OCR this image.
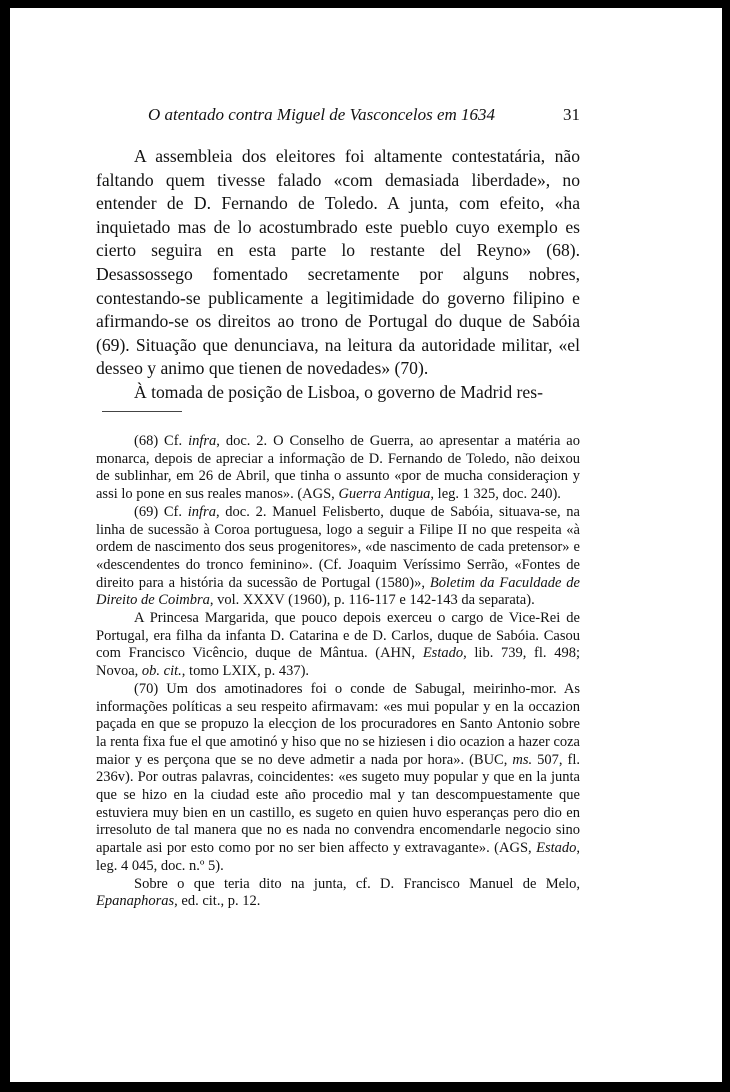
O atentado contra Miguel de Vasconcelos em 1634	31

A assembleia dos eleitores foi altamente contestatária, não faltando quem tivesse falado «com demasiada liberdade», no entender de D. Fernando de Toledo. A junta, com efeito, «ha inquietado mas de lo acostumbrado este pueblo cuyo exemplo es cierto seguira en esta parte lo restante del Reyno» (68). Desassossego fomentado secretamente por alguns nobres, contestando-se publicamente a legitimidade do governo filipino e afirmando-se os direitos ao trono de Portugal do duque de Sabóia (69). Situação que denunciava, na leitura da autoridade militar, «el desseo y animo que tienen de novedades» (70).

À tomada de posição de Lisboa, o governo de Madrid res-

(68) Cf. infra, doc. 2. O Conselho de Guerra, ao apresentar a matéria ao monarca, depois de apreciar a informação de D. Fernando de Toledo, não deixou de sublinhar, em 26 de Abril, que tinha o assunto «por de mucha consideraçion y assi lo pone en sus reales manos». (AGS, Guerra Antigua, leg. 1 325, doc. 240).

(69) Cf. infra, doc. 2. Manuel Felisberto, duque de Sabóia, situava-se, na linha de sucessão à Coroa portuguesa, logo a seguir a Filipe II no que respeita «à ordem de nascimento dos seus progenitores», «de nascimento de cada pretensor» e «descendentes do tronco feminino». (Cf. Joaquim Veríssimo Serrão, «Fontes de direito para a história da sucessão de Portugal (1580)», Boletim da Faculdade de Direito de Coimbra, vol. XXXV (1960), p. 116-117 e 142-143 da separata).

A Princesa Margarida, que pouco depois exerceu o cargo de Vice-Rei de Portugal, era filha da infanta D. Catarina e de D. Carlos, duque de Sabóia. Casou com Francisco Vicêncio, duque de Mântua. (AHN, Estado, lib. 739, fl. 498; Novoa, ob. cit., tomo LXIX, p. 437).

(70) Um dos amotinadores foi o conde de Sabugal, meirinho-mor. As informações políticas a seu respeito afirmavam: «es mui popular y en la occazion paçada en que se propuzo la elecçion de los procuradores en Santo Antonio sobre la renta fixa fue el que amotinó y hiso que no se hiziesen i dio ocazion a hazer coza maior y es perçona que se no deve admetir a nada por hora». (BUC, ms. 507, fl. 236v). Por outras palavras, coincidentes: «es sugeto muy popular y que en la junta que se hizo en la ciudad este año procedio mal y tan descompuestamente que estuviera muy bien en un castillo, es sugeto en quien huvo esperanças pero dio en irresoluto de tal manera que no es nada no convendra encomendarle negocio sino apartale asi por esto como por no ser bien affecto y extravagante». (AGS, Estado, leg. 4 045, doc. n.º 5).

Sobre o que teria dito na junta, cf. D. Francisco Manuel de Melo, Epanaphoras, ed. cit., p. 12.
